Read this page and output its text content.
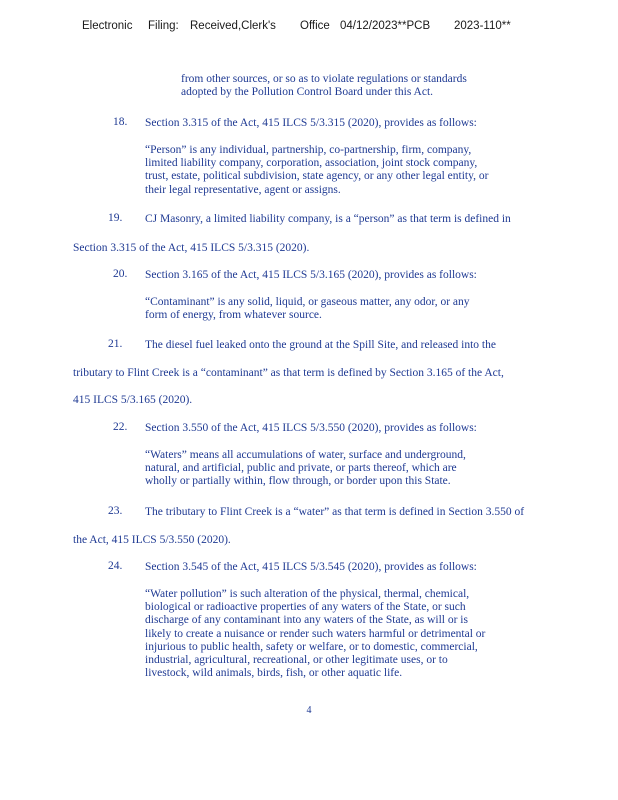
Electronic Filing: Received,Clerk's Office 04/12/2023**PCB 2023-110**
from other sources, or so as to violate regulations or standards
adopted by the Pollution Control Board under this Act.
18. Section 3.315 of the Act, 415 ILCS 5/3.315 (2020), provides as follows:
“Person” is any individual, partnership, co-partnership, firm, company,
limited liability company, corporation, association, joint stock company,
trust, estate, political subdivision, state agency, or any other legal entity, or
their legal representative, agent or assigns.
19. CJ Masonry, a limited liability company, is a “person” as that term is defined in
Section 3.315 of the Act, 415 ILCS 5/3.315 (2020).
20. Section 3.165 of the Act, 415 ILCS 5/3.165 (2020), provides as follows:
“Contaminant” is any solid, liquid, or gaseous matter, any odor, or any
form of energy, from whatever source.
21. The diesel fuel leaked onto the ground at the Spill Site, and released into the
tributary to Flint Creek is a “contaminant” as that term is defined by Section 3.165 of the Act,
415 ILCS 5/3.165 (2020).
22. Section 3.550 of the Act, 415 ILCS 5/3.550 (2020), provides as follows:
“Waters” means all accumulations of water, surface and underground,
natural, and artificial, public and private, or parts thereof, which are
wholly or partially within, flow through, or border upon this State.
23. The tributary to Flint Creek is a “water” as that term is defined in Section 3.550 of
the Act, 415 ILCS 5/3.550 (2020).
24. Section 3.545 of the Act, 415 ILCS 5/3.545 (2020), provides as follows:
“Water pollution” is such alteration of the physical, thermal, chemical,
biological or radioactive properties of any waters of the State, or such
discharge of any contaminant into any waters of the State, as will or is
likely to create a nuisance or render such waters harmful or detrimental or
injurious to public health, safety or welfare, or to domestic, commercial,
industrial, agricultural, recreational, or other legitimate uses, or to
livestock, wild animals, birds, fish, or other aquatic life.
4
